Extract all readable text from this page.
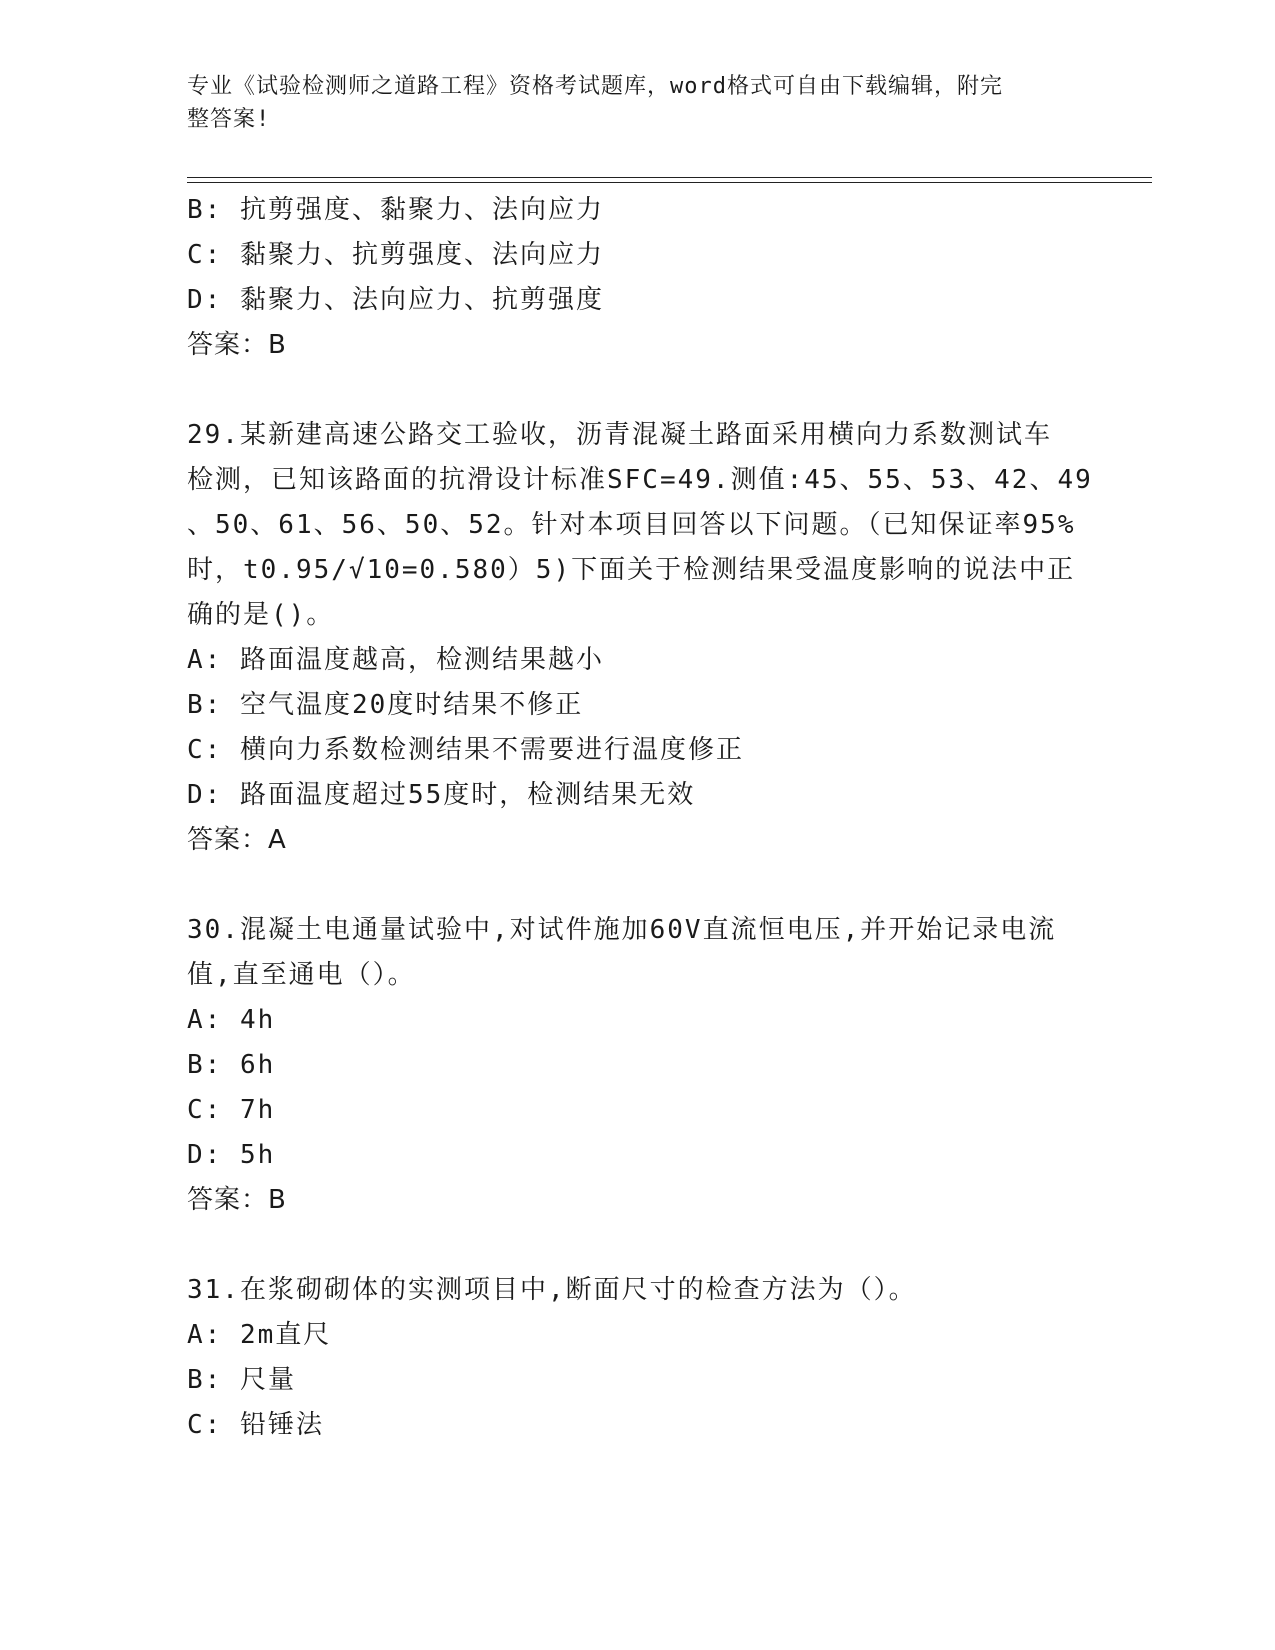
专业《试验检测师之道路工程》资格考试题库，word格式可自由下载编辑，附完
整答案!
B: 抗剪强度、黏聚力、法向应力
C: 黏聚力、抗剪强度、法向应力
D: 黏聚力、法向应力、抗剪强度
答案：B
29.某新建高速公路交工验收，沥青混凝土路面采用横向力系数测试车
检测，已知该路面的抗滑设计标准SFC=49.测值:45、55、53、42、49
、50、61、56、50、52。针对本项目回答以下问题。（已知保证率95%
时，t0.95/√10=0.580）5)下面关于检测结果受温度影响的说法中正
确的是()。
A: 路面温度越高，检测结果越小
B: 空气温度20度时结果不修正
C: 横向力系数检测结果不需要进行温度修正
D: 路面温度超过55度时，检测结果无效
答案：A
30.混凝土电通量试验中,对试件施加60V直流恒电压,并开始记录电流
值,直至通电（）。
A: 4h
B: 6h
C: 7h
D: 5h
答案：B
31.在浆砌砌体的实测项目中,断面尺寸的检查方法为（）。
A: 2m直尺
B: 尺量
C: 铅锤法
